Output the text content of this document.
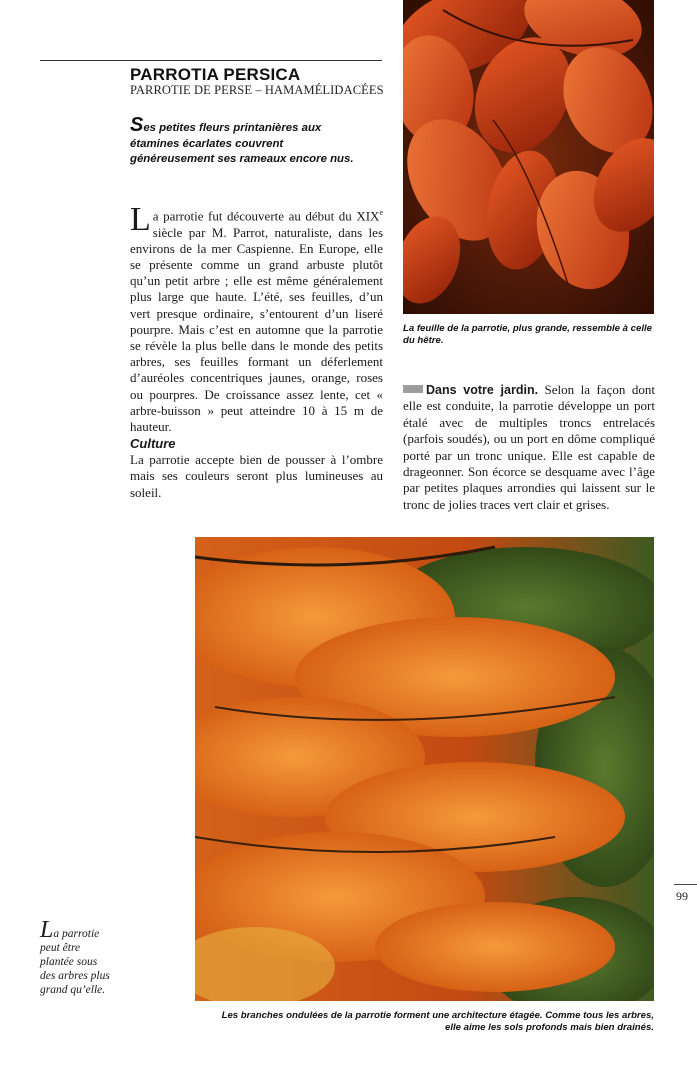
PARROTIA PERSICA
PARROTIE DE PERSE – HAMAMÉLIDACÉES
Ses petites fleurs printanières aux étamines écarlates couvrent généreusement ses rameaux encore nus.
La parrotie fut découverte au début du XIXe siècle par M. Parrot, naturaliste, dans les environs de la mer Caspienne. En Europe, elle se présente comme un grand arbuste plutôt qu’un petit arbre ; elle est même généralement plus large que haute. L’été, ses feuilles, d’un vert presque ordinaire, s’entourent d’un liseré pourpre. Mais c’est en automne que la parrotie se révèle la plus belle dans le monde des petits arbres, ses feuilles formant un déferlement d’auréoles concentriques jaunes, orange, roses ou pourpres. De croissance assez lente, cet « arbre-buisson » peut atteindre 10 à 15 m de hauteur.
Culture
La parrotie accepte bien de pousser à l’ombre mais ses couleurs seront plus lumineuses au soleil.
La feuille de la parrotie, plus grande, ressemble à celle du hêtre.
Dans votre jardin. Selon la façon dont elle est conduite, la parrotie développe un port étalé avec de multiples troncs entrelacés (parfois soudés), ou un port en dôme compliqué porté par un tronc unique. Elle est capable de drageonner. Son écorce se desquame avec l’âge par petites plaques arrondies qui laissent sur le tronc de jolies traces vert clair et grises.
Les branches ondulées de la parrotie forment une architecture étagée. Comme tous les arbres, elle aime les sols profonds mais bien drainés.
La parrotie peut être plantée sous des arbres plus grand qu’elle.
99
